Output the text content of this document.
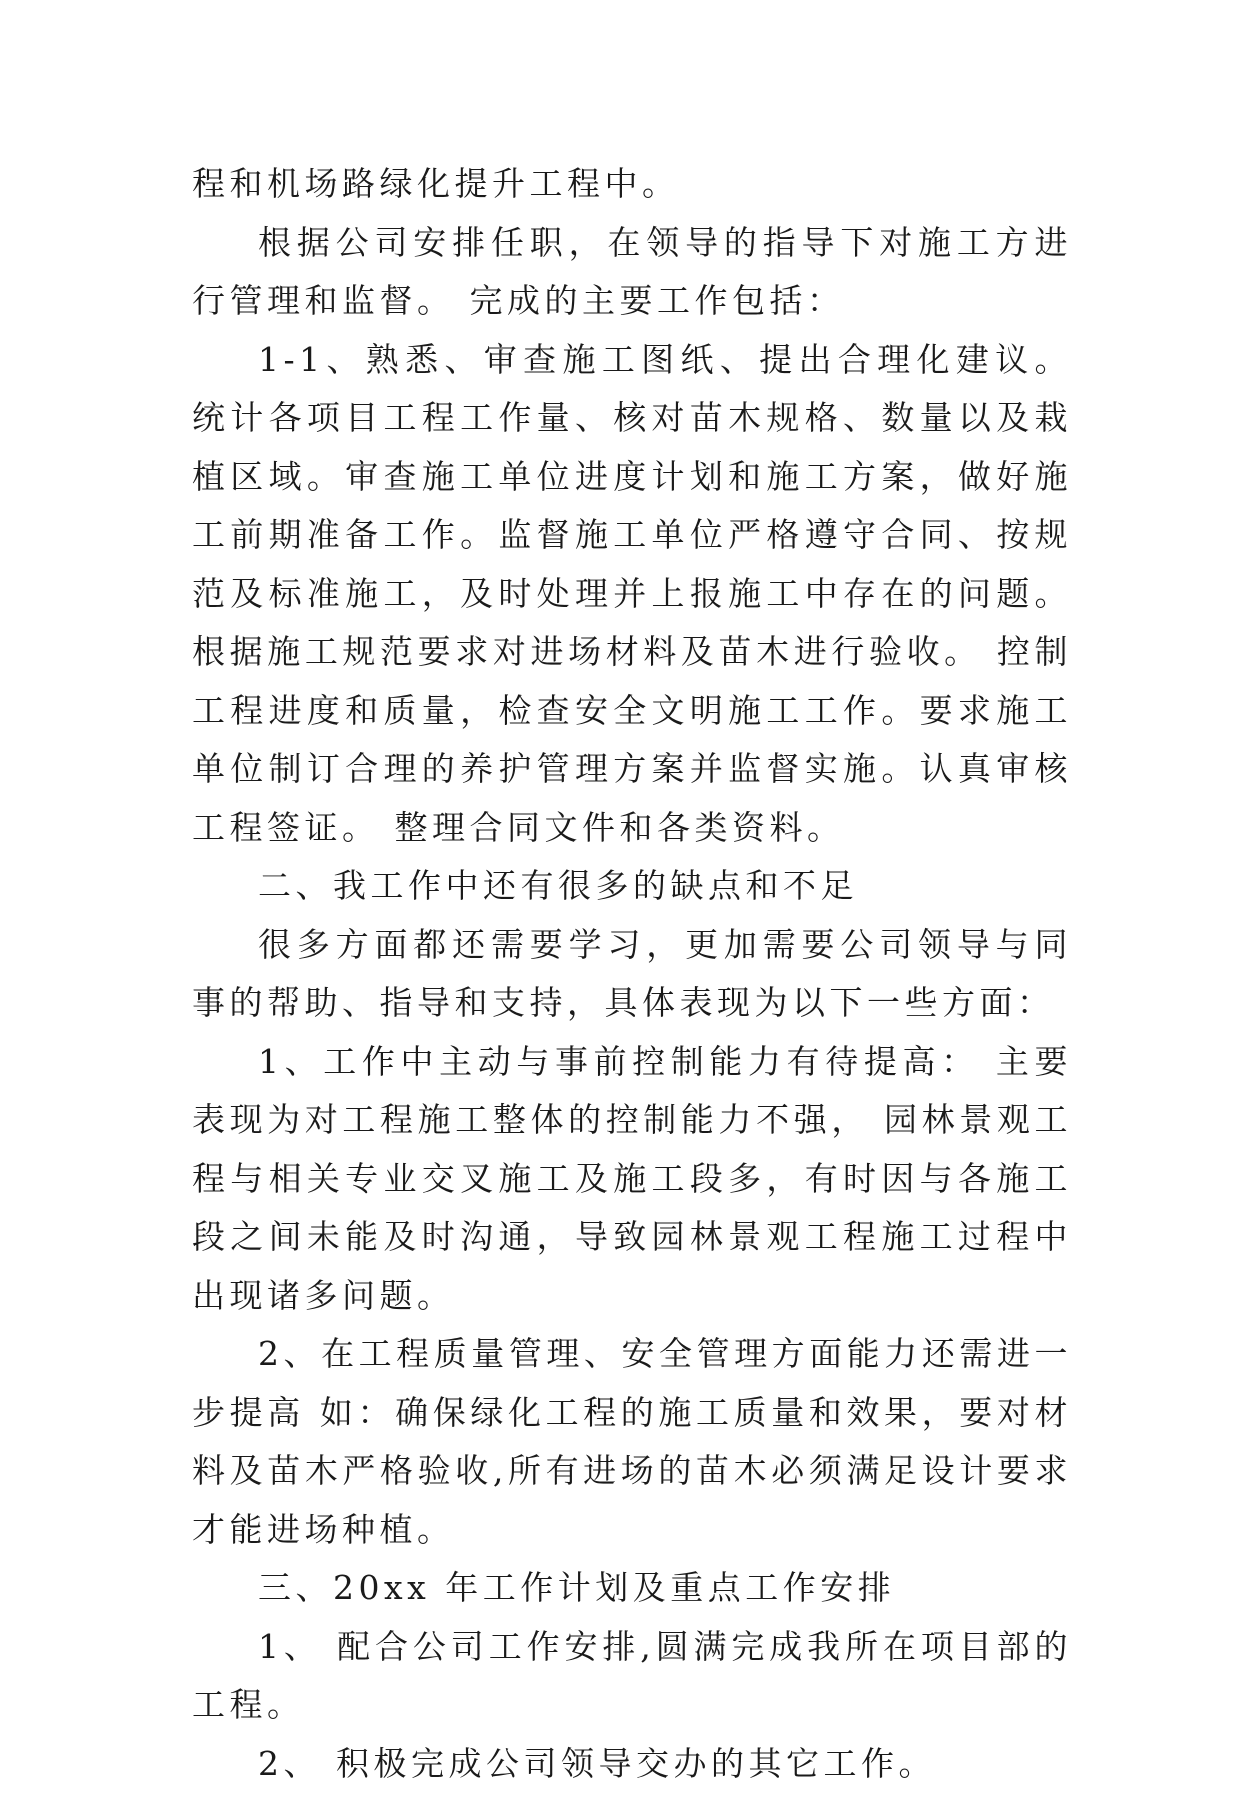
程和机场路绿化提升工程中。

根据公司安排任职，在领导的指导下对施工方进行管理和监督。 完成的主要工作包括：

1-1、熟悉、审查施工图纸、提出合理化建议。 统计各项目工程工作量、核对苗木规格、数量以及栽植区域。审查施工单位进度计划和施工方案，做好施工前期准备工作。监督施工单位严格遵守合同、按规范及标准施工，及时处理并上报施工中存在的问题。根据施工规范要求对进场材料及苗木进行验收。 控制工程进度和质量，检查安全文明施工工作。要求施工单位制订合理的养护管理方案并监督实施。认真审核工程签证。 整理合同文件和各类资料。

二、我工作中还有很多的缺点和不足

很多方面都还需要学习，更加需要公司领导与同事的帮助、指导和支持，具体表现为以下一些方面：

1、工作中主动与事前控制能力有待提高： 主要表现为对工程施工整体的控制能力不强， 园林景观工程与相关专业交叉施工及施工段多，有时因与各施工段之间未能及时沟通，导致园林景观工程施工过程中出现诸多问题。

2、在工程质量管理、安全管理方面能力还需进一步提高 如：确保绿化工程的施工质量和效果，要对材料及苗木严格验收,所有进场的苗木必须满足设计要求才能进场种植。

三、20xx 年工作计划及重点工作安排

1、 配合公司工作安排,圆满完成我所在项目部的工程。

2、 积极完成公司领导交办的其它工作。
